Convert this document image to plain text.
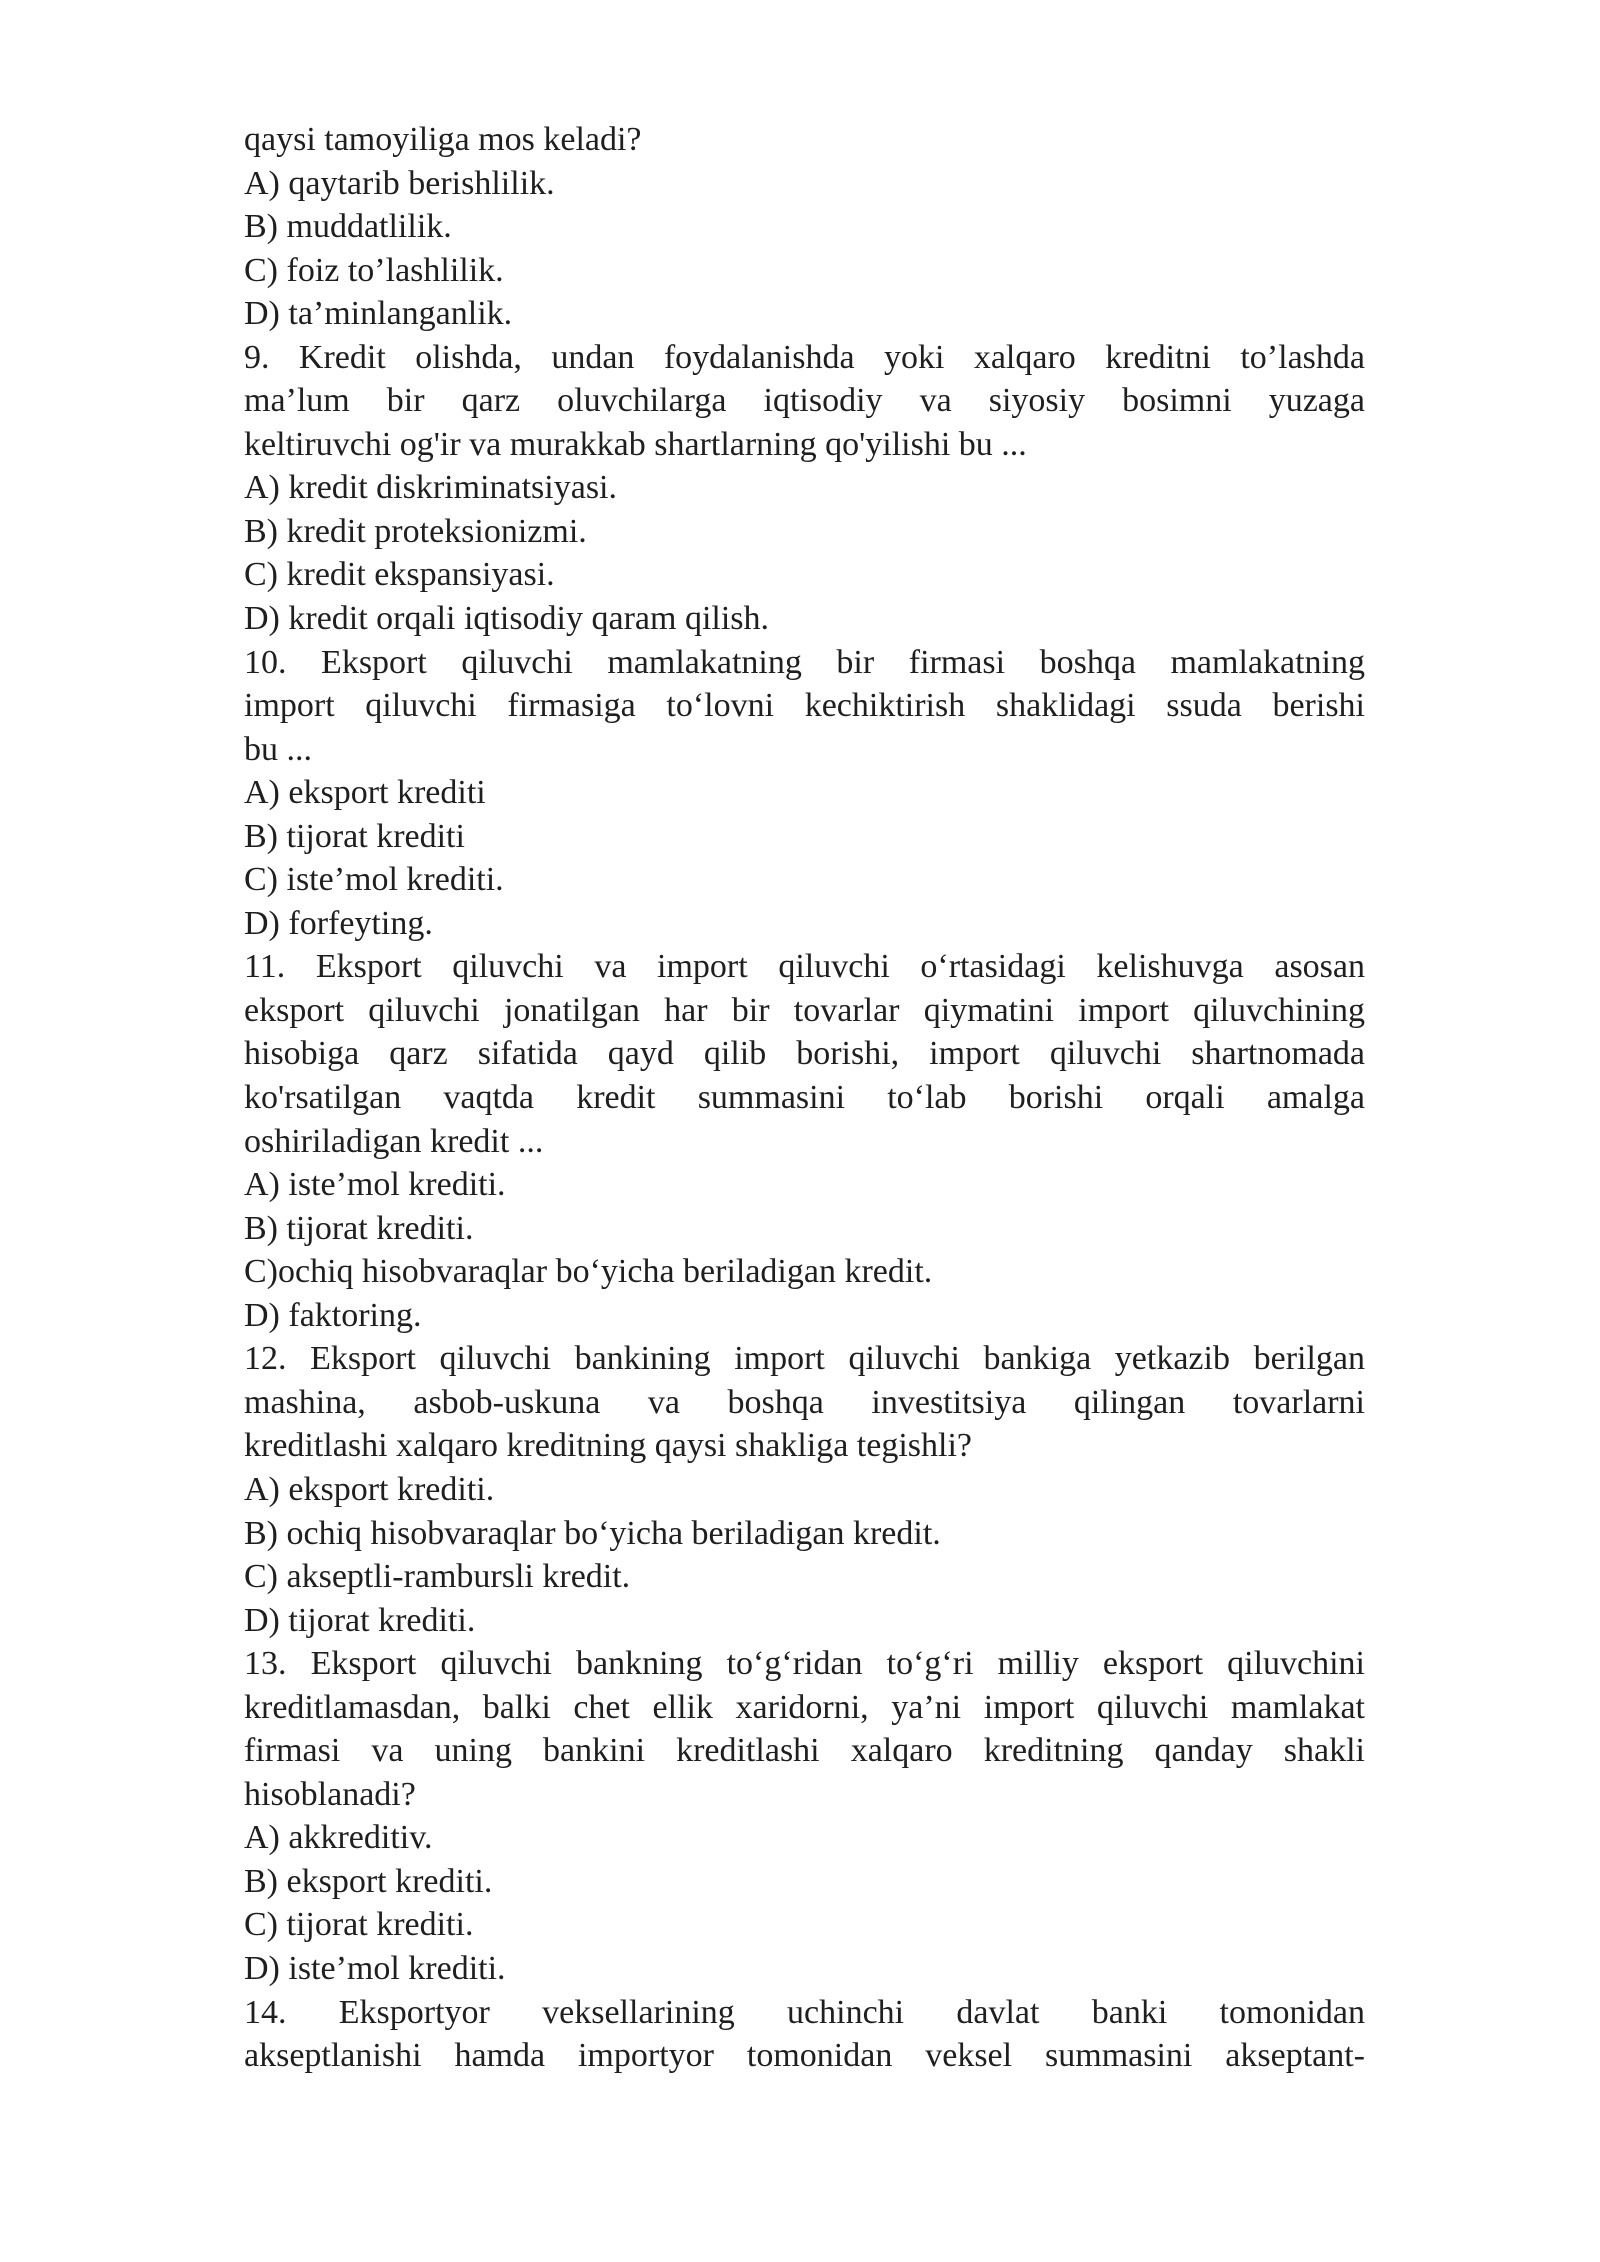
qaysi tamoyiliga mos keladi?
A) qaytarib berishlilik.
B) muddatlilik.
C) foiz to’lashlilik.
D) ta’minlanganlik.
9. Kredit olishda, undan foydalanishda yoki xalqaro kreditni to’lashda
ma’lum bir qarz oluvchilarga iqtisodiy va siyosiy bosimni yuzaga
keltiruvchi og'ir va murakkab shartlarning qo'yilishi bu ...
A) kredit diskriminatsiyasi.
B) kredit proteksionizmi.
C) kredit ekspansiyasi.
D) kredit orqali iqtisodiy qaram qilish.
10. Eksport qiluvchi mamlakatning bir firmasi boshqa mamlakatning
import qiluvchi firmasiga to‘lovni kechiktirish shaklidagi ssuda berishi
bu ...
A) eksport krediti
B) tijorat krediti
C) iste’mol krediti.
D) forfeyting.
11. Eksport qiluvchi va import qiluvchi o‘rtasidagi kelishuvga asosan
eksport qiluvchi jonatilgan har bir tovarlar qiymatini import qiluvchining
hisobiga qarz sifatida qayd qilib borishi, import qiluvchi shartnomada
ko'rsatilgan vaqtda kredit summasini to‘lab borishi orqali amalga
oshiriladigan kredit ...
A) iste’mol krediti.
B) tijorat krediti.
C)ochiq hisobvaraqlar bo‘yicha beriladigan kredit.
D) faktoring.
12. Eksport qiluvchi bankining import qiluvchi bankiga yetkazib berilgan
mashina, asbob-uskuna va boshqa investitsiya qilingan tovarlarni
kreditlashi xalqaro kreditning qaysi shakliga tegishli?
A) eksport krediti.
B) ochiq hisobvaraqlar bo‘yicha beriladigan kredit.
C) akseptli-rambursli kredit.
D) tijorat krediti.
13. Eksport qiluvchi bankning to‘g‘ridan to‘g‘ri milliy eksport qiluvchini
kreditlamasdan, balki chet ellik xaridorni, ya’ni import qiluvchi mamlakat
firmasi va uning bankini kreditlashi xalqaro kreditning qanday shakli
hisoblanadi?
A) akkreditiv.
B) eksport krediti.
C) tijorat krediti.
D) iste’mol krediti.
14. Eksportyor veksellarining uchinchi davlat banki tomonidan
akseptlanishi hamda importyor tomonidan veksel summasini akseptant-
